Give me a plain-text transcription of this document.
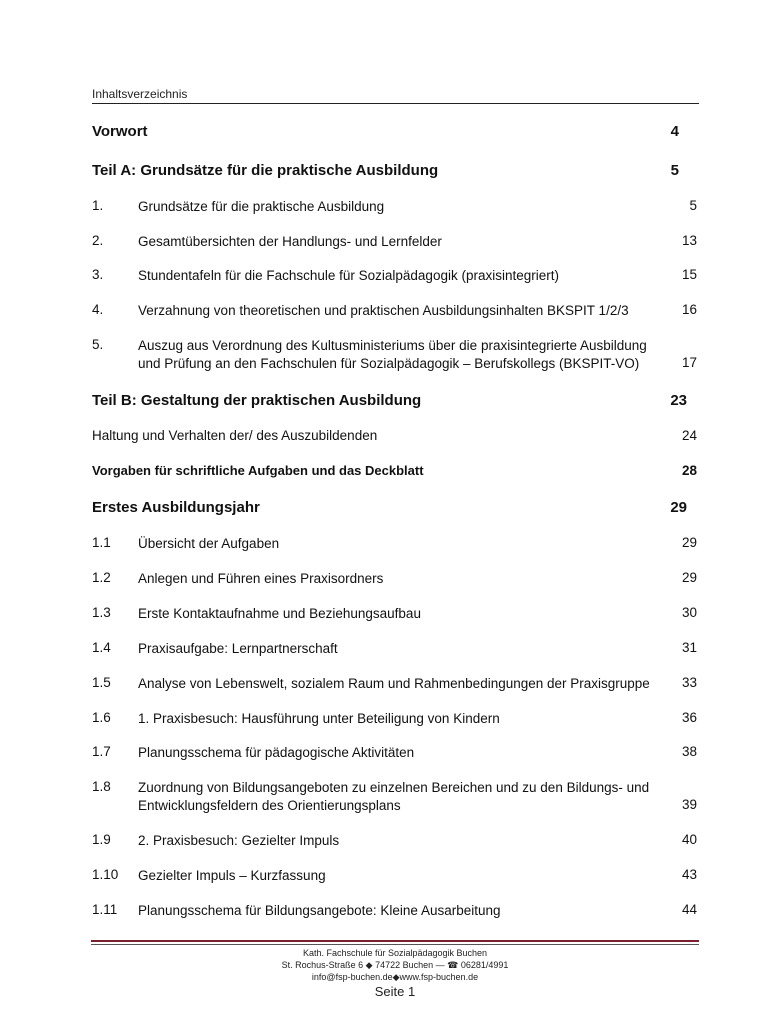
Inhaltsverzeichnis
Vorwort	4
Teil A: Grundsätze für die praktische Ausbildung	5
1.	Grundsätze für die praktische Ausbildung	5
2.	Gesamtübersichten der Handlungs- und Lernfelder	13
3.	Stundentafeln für die Fachschule für Sozialpädagogik (praxisintegriert)	15
4.	Verzahnung von theoretischen und praktischen Ausbildungsinhalten BKSPIT 1/2/3	16
5.	Auszug aus Verordnung des Kultusministeriums über die praxisintegrierte Ausbildung
und Prüfung an den Fachschulen für Sozialpädagogik – Berufskollegs (BKSPIT-VO)	17
Teil B: Gestaltung der praktischen Ausbildung	23
Haltung und Verhalten der/ des Auszubildenden	24
Vorgaben für schriftliche Aufgaben und das Deckblatt	28
Erstes Ausbildungsjahr	29
1.1 Übersicht der Aufgaben	29
1.2 Anlegen und Führen eines Praxisordners	29
1.3 Erste Kontaktaufnahme und Beziehungsaufbau	30
1.4 Praxisaufgabe: Lernpartnerschaft	31
1.5 Analyse von Lebenswelt, sozialem Raum und Rahmenbedingungen der Praxisgruppe	33
1.6 1. Praxisbesuch: Hausführung unter Beteiligung von Kindern	36
1.7 Planungsschema für pädagogische Aktivitäten	38
1.8 Zuordnung von Bildungsangeboten zu einzelnen Bereichen und zu den Bildungs- und
Entwicklungsfeldern des Orientierungsplans	39
1.9 2. Praxisbesuch: Gezielter Impuls	40
1.10 Gezielter Impuls – Kurzfassung	43
1.11 Planungsschema für Bildungsangebote: Kleine Ausarbeitung	44
Kath. Fachschule für Sozialpädagogik Buchen
St. Rochus-Straße 6 ◆ 74722 Buchen — ☎ 06281/4991
info@fsp-buchen.de◆www.fsp-buchen.de
Seite 1
